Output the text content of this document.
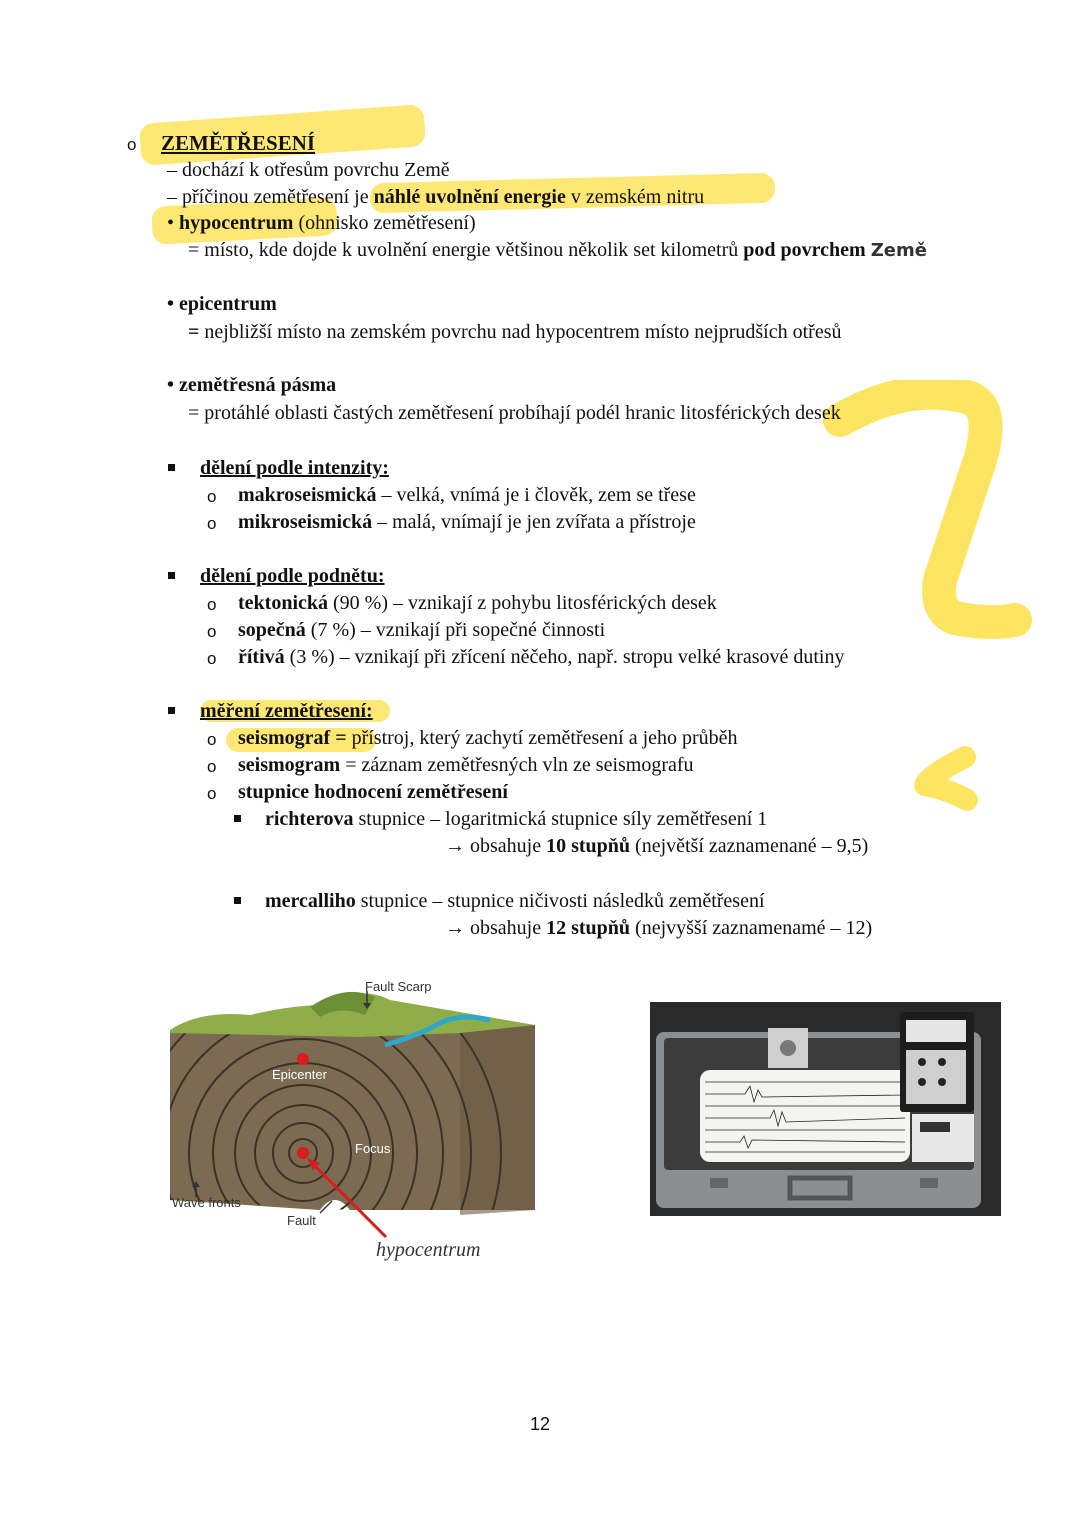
o ZEMĚTŘESENÍ
– dochází k otřesům povrchu Země
– příčinou zemětřesení je náhlé uvolnění energie v zemském nitru
• hypocentrum (ohnisko zemětřesení)
= místo, kde dojde k uvolnění energie většinou několik set kilometrů pod povrchem Země
• epicentrum
= nejbližší místo na zemském povrchu nad hypocentrem místo nejprudších otřesů
• zemětřesná pásma
= protáhlé oblasti častých zemětřesení probíhají podél hranic litosférických desek
dělení podle intenzity:
o makroseismická – velká, vnímá je i člověk, zem se třese
o mikroseismická – malá, vnímají je jen zvířata a přístroje
dělení podle podnětu:
o tektonická (90 %) – vznikají z pohybu litosférických desek
o sopečná (7 %) – vznikají při sopečné činnosti
o řítivá (3 %) – vznikají při zřícení něčeho, např. stropu velké krasové dutiny
měření zemětřesení:
o seismograf = přístroj, který zachytí zemětřesení a jeho průběh
o seismogram = záznam zemětřesných vln ze seismografu
o stupnice hodnocení zemětřesení
richterova stupnice – logaritmická stupnice síly zemětřesení 1
→ obsahuje 10 stupňů (největší zaznamenané – 9,5)
mercalliho stupnice – stupnice ničivosti následků zemětřesení
→ obsahuje 12 stupňů (nejvyšší zaznamenamé – 12)
Fault Scarp
Epicenter
Focus
Wave fronts
Fault
hypocentrum
12
